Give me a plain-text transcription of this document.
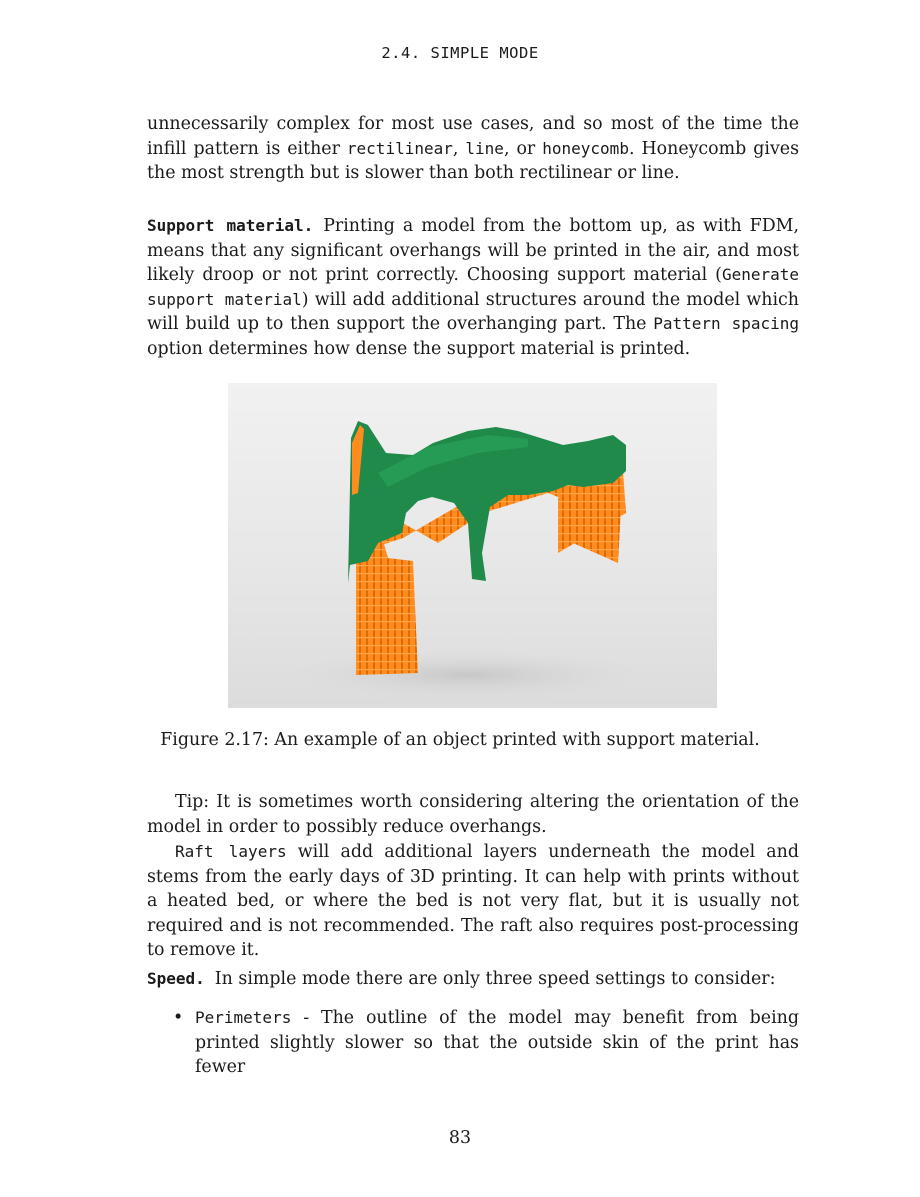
2.4. SIMPLE MODE

unnecessarily complex for most use cases, and so most of the time the infill pattern is either rectilinear, line, or honeycomb. Honeycomb gives the most strength but is slower than both rectilinear or line.

Support material. Printing a model from the bottom up, as with FDM, means that any significant overhangs will be printed in the air, and most likely droop or not print correctly. Choosing support material (Generate support material) will add additional structures around the model which will build up to then support the overhanging part. The Pattern spacing option determines how dense the support material is printed.

Figure 2.17: An example of an object printed with support material.

Tip: It is sometimes worth considering altering the orientation of the model in order to possibly reduce overhangs.

Raft layers will add additional layers underneath the model and stems from the early days of 3D printing. It can help with prints without a heated bed, or where the bed is not very flat, but it is usually not required and is not recommended. The raft also requires post-processing to remove it.

Speed. In simple mode there are only three speed settings to consider:

• Perimeters - The outline of the model may benefit from being printed slightly slower so that the outside skin of the print has fewer
83
